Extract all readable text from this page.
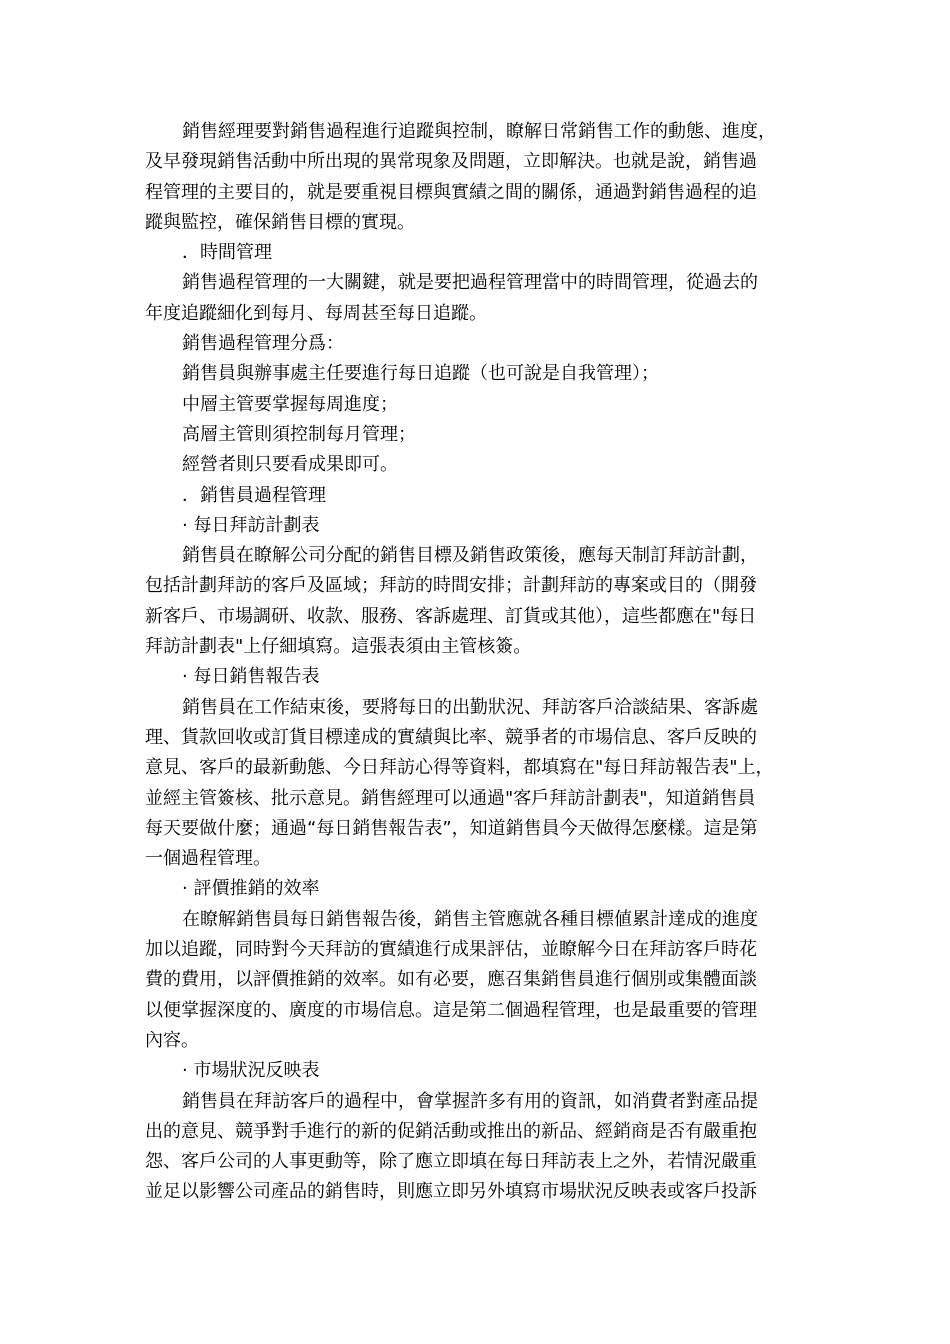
銷售經理要對銷售過程進行追蹤與控制，瞭解日常銷售工作的動態、進度，
及早發現銷售活動中所出現的異常現象及問題，立即解決。也就是說，銷售過
程管理的主要目的，就是要重視目標與實績之間的關係，通過對銷售過程的追
蹤與監控，確保銷售目標的實現。
．時間管理
銷售過程管理的一大關鍵，就是要把過程管理當中的時間管理，從過去的
年度追蹤細化到每月、每周甚至每日追蹤。
銷售過程管理分爲：
銷售員與辦事處主任要進行每日追蹤（也可說是自我管理）；
中層主管要掌握每周進度；
高層主管則須控制每月管理；
經營者則只要看成果即可。
．銷售員過程管理
· 每日拜訪計劃表
銷售員在瞭解公司分配的銷售目標及銷售政策後，應每天制訂拜訪計劃，
包括計劃拜訪的客戶及區域；拜訪的時間安排；計劃拜訪的專案或目的（開發
新客戶、市場調研、收款、服務、客訴處理、訂貨或其他），這些都應在"每日
拜訪計劃表"上仔細填寫。這張表須由主管核簽。
· 每日銷售報告表
銷售員在工作結束後，要將每日的出勤狀況、拜訪客戶洽談結果、客訴處
理、貨款回收或訂貨目標達成的實績與比率、競爭者的市場信息、客戶反映的
意見、客戶的最新動態、今日拜訪心得等資料，都填寫在"每日拜訪報告表"上，
並經主管簽核、批示意見。銷售經理可以通過"客戶拜訪計劃表"，知道銷售員
每天要做什麼；通過“每日銷售報告表”，知道銷售員今天做得怎麼樣。這是第
一個過程管理。
· 評價推銷的效率
在瞭解銷售員每日銷售報告後，銷售主管應就各種目標値累計達成的進度
加以追蹤，同時對今天拜訪的實績進行成果評估，並瞭解今日在拜訪客戶時花
費的費用，以評價推銷的效率。如有必要，應召集銷售員進行個別或集體面談
以便掌握深度的、廣度的市場信息。這是第二個過程管理，也是最重要的管理
內容。
· 市場狀況反映表
銷售員在拜訪客戶的過程中，會掌握許多有用的資訊，如消費者對產品提
出的意見、競爭對手進行的新的促銷活動或推出的新品、經銷商是否有嚴重抱
怨、客戶公司的人事更動等，除了應立即填在每日拜訪表上之外，若情況嚴重
並足以影響公司產品的銷售時，則應立即另外填寫市場狀況反映表或客戶投訴
